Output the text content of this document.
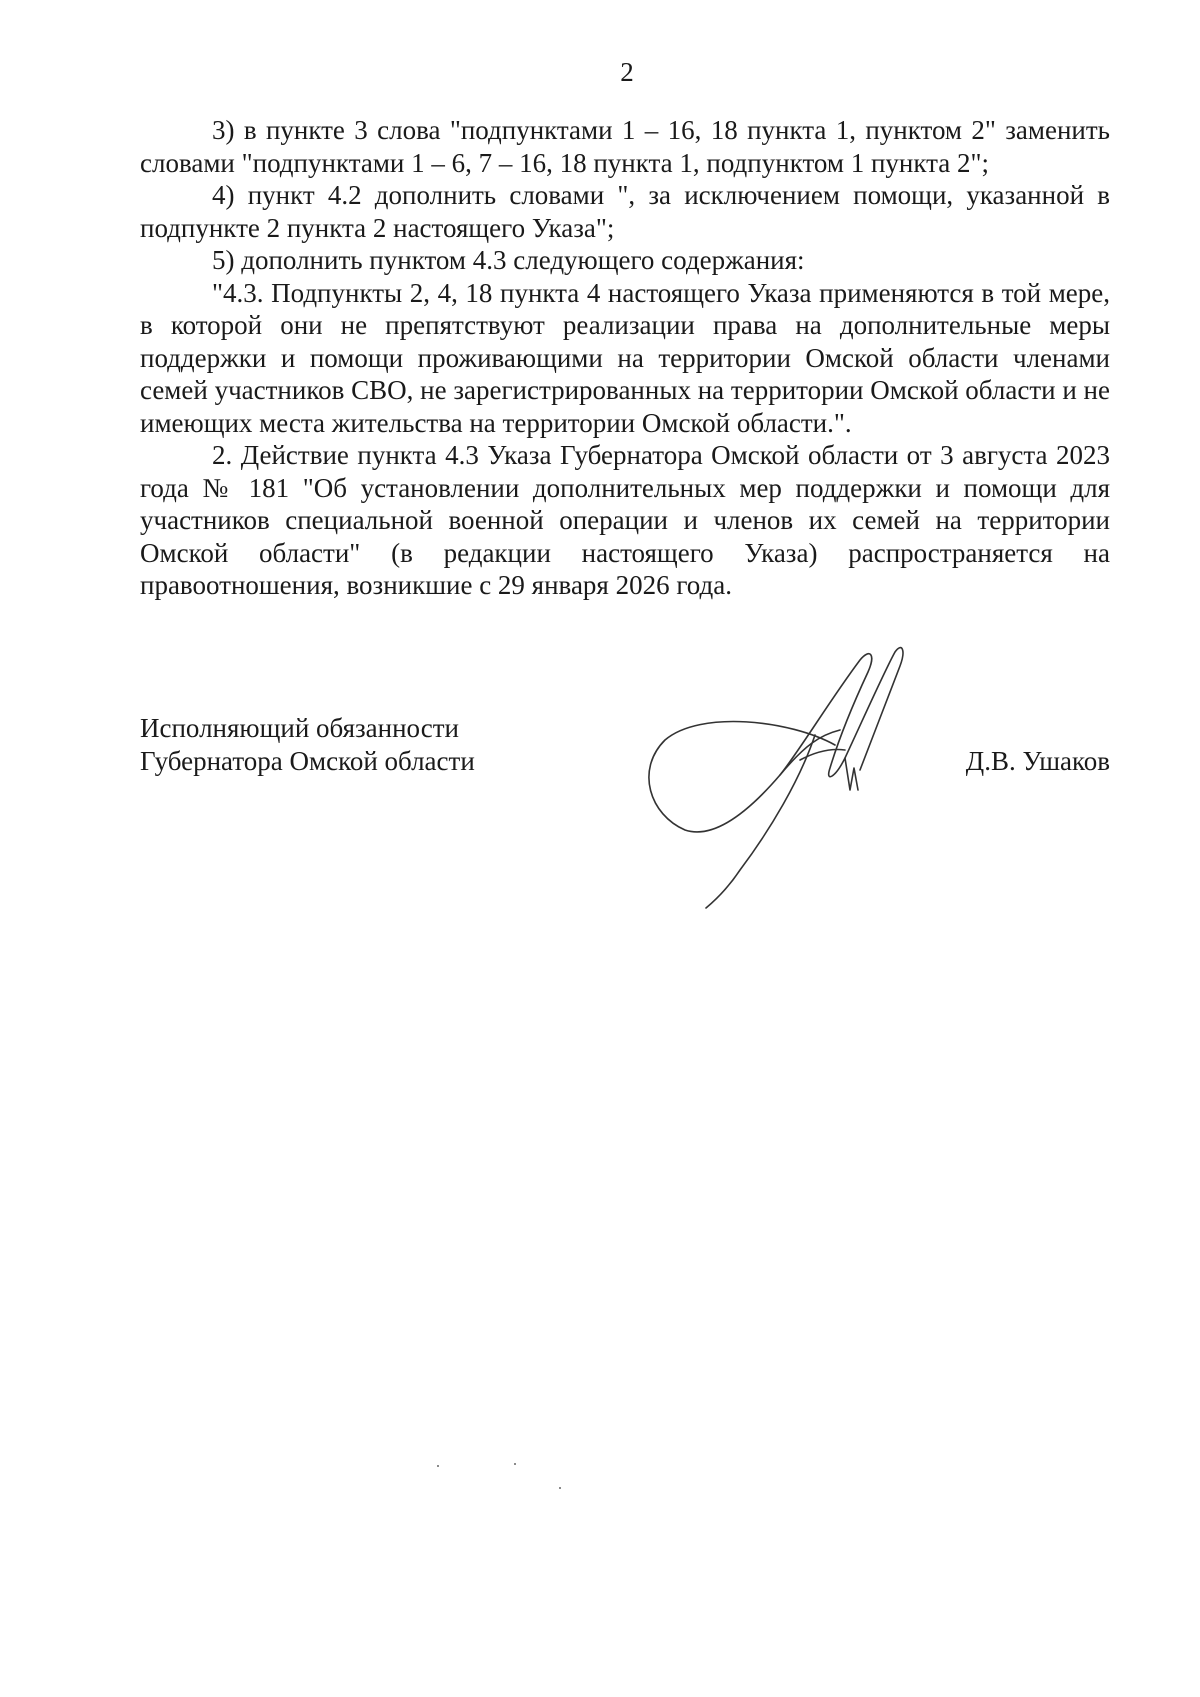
2

3) в пункте 3 слова "подпунктами 1 – 16, 18 пункта 1, пунктом 2" заменить словами "подпунктами 1 – 6, 7 – 16, 18 пункта 1, подпунктом 1 пункта 2";

4) пункт 4.2 дополнить словами ", за исключением помощи, указанной в подпункте 2 пункта 2 настоящего Указа";

5) дополнить пунктом 4.3 следующего содержания:

"4.3. Подпункты 2, 4, 18 пункта 4 настоящего Указа применяются в той мере, в которой они не препятствуют реализации права на дополнительные меры поддержки и помощи проживающими на территории Омской области членами семей участников СВО, не зарегистрированных на территории Омской области и не имеющих места жительства на территории Омской области.".

2. Действие пункта 4.3 Указа Губернатора Омской области от 3 августа 2023 года № 181 "Об установлении дополнительных мер поддержки и помощи для участников специальной военной операции и членов их семей на территории Омской области" (в редакции настоящего Указа) распространяется на правоотношения, возникшие с 29 января 2026 года.

Исполняющий обязанности
Губернатора Омской области	Д.В. Ушаков
